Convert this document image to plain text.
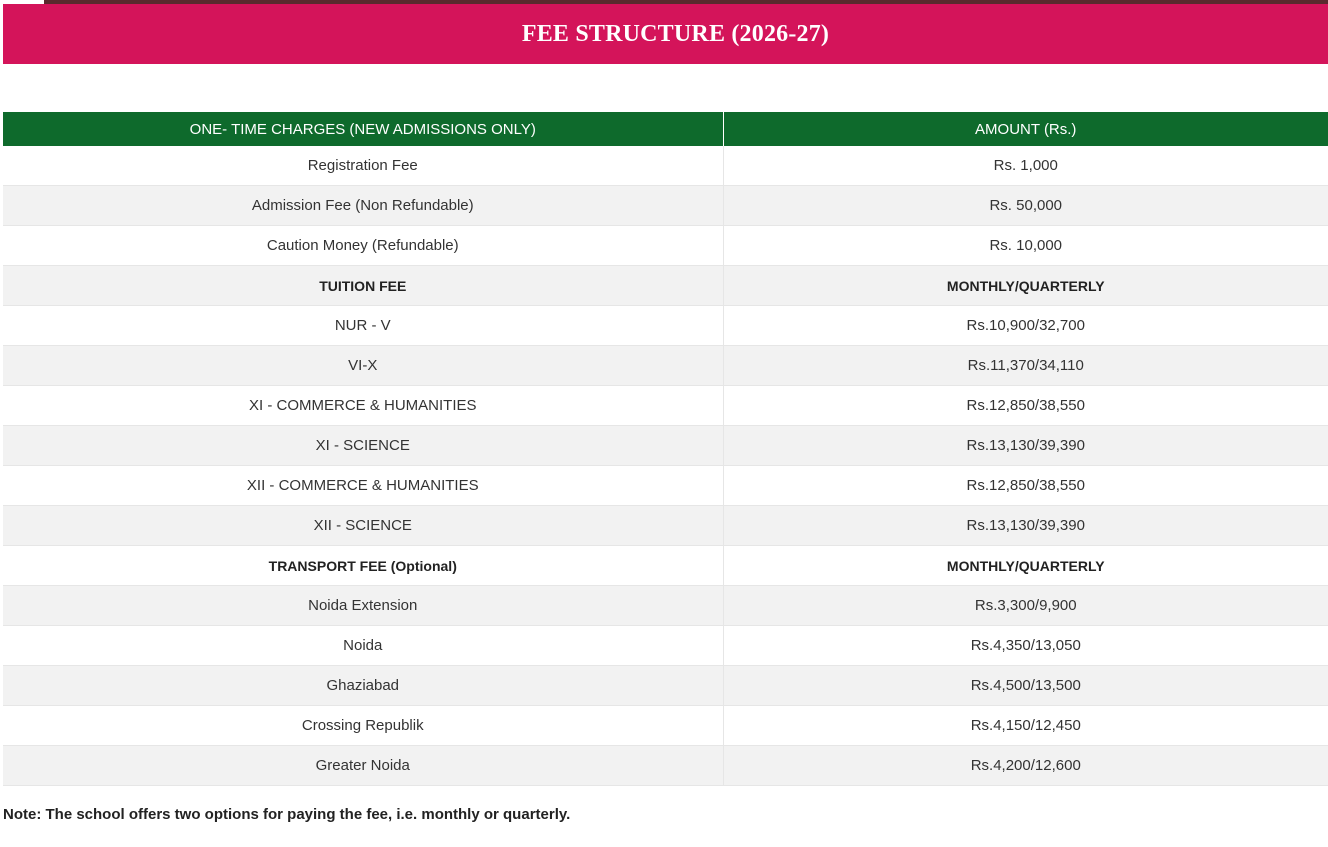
FEE STRUCTURE (2026-27)
ONE- TIME CHARGES (NEW ADMISSIONS ONLY)	AMOUNT (Rs.)
Registration Fee	Rs. 1,000
Admission Fee (Non Refundable)	Rs. 50,000
Caution Money (Refundable)	Rs. 10,000
TUITION FEE	MONTHLY/QUARTERLY
NUR - V	Rs.10,900/32,700
VI-X	Rs.11,370/34,110
XI - COMMERCE & HUMANITIES	Rs.12,850/38,550
XI - SCIENCE	Rs.13,130/39,390
XII - COMMERCE & HUMANITIES	Rs.12,850/38,550
XII - SCIENCE	Rs.13,130/39,390
TRANSPORT FEE (Optional)	MONTHLY/QUARTERLY
Noida Extension	Rs.3,300/9,900
Noida	Rs.4,350/13,050
Ghaziabad	Rs.4,500/13,500
Crossing Republik	Rs.4,150/12,450
Greater Noida	Rs.4,200/12,600
Note: The school offers two options for paying the fee, i.e. monthly or quarterly.
